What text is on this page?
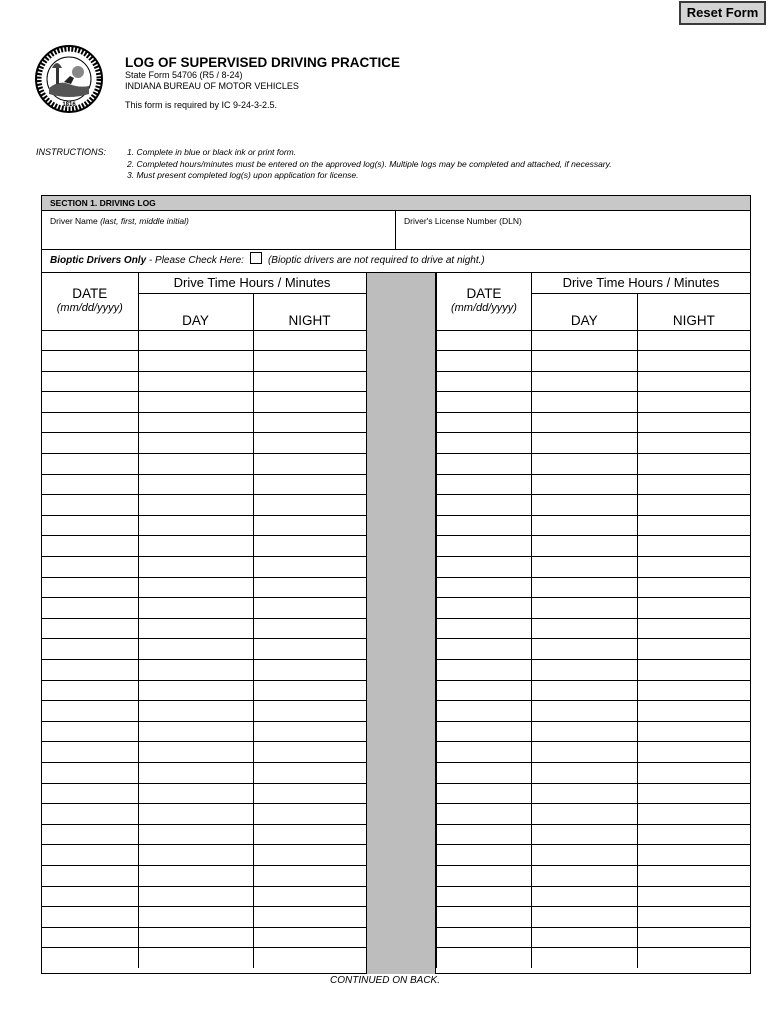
Reset Form
1816
LOG OF SUPERVISED DRIVING PRACTICE
State Form 54706 (R5 / 8-24)
INDIANA BUREAU OF MOTOR VEHICLES
This form is required by IC 9-24-3-2.5.
INSTRUCTIONS: 1. Complete in blue or black ink or print form.
2. Completed hours/minutes must be entered on the approved log(s). Multiple logs may be completed and attached, if necessary.
3. Must present completed log(s) upon application for license.
SECTION 1. DRIVING LOG
Driver Name (last, first, middle initial)	Driver's License Number (DLN)
Bioptic Drivers Only - Please Check Here: (Bioptic drivers are not required to drive at night.)
DATE
(mm/dd/yyyy)	Drive Time Hours / Minutes	
	DAY	NIGHT

DATE
(mm/dd/yyyy)	Drive Time Hours / Minutes	
	DAY	NIGHT

CONTINUED ON BACK.
